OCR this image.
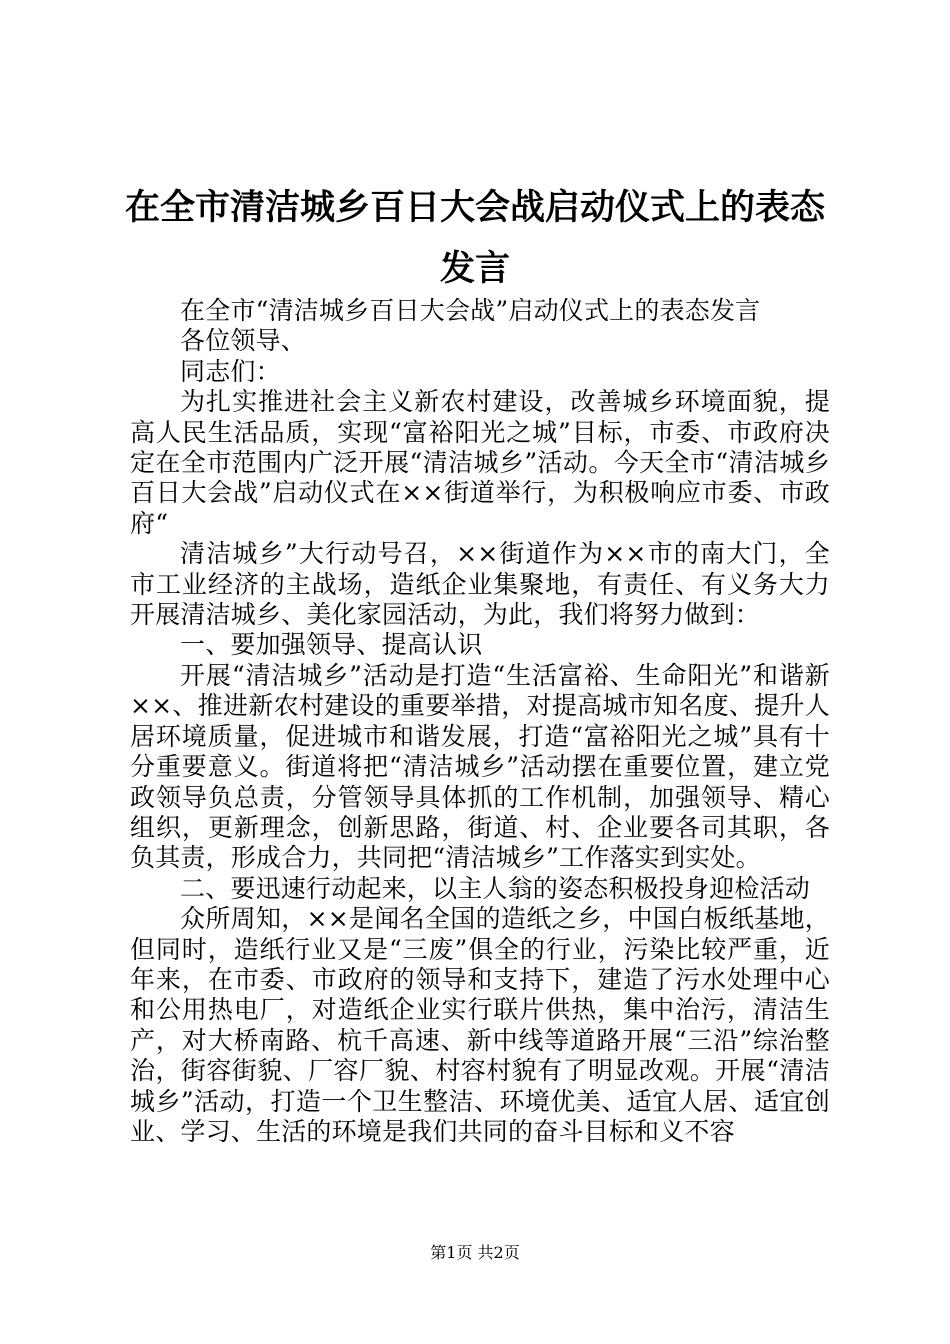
在全市清洁城乡百日大会战启动仪式上的表态
发言

在全市“清洁城乡百日大会战”启动仪式上的表态发言

各位领导、

同志们：

为扎实推进社会主义新农村建设，改善城乡环境面貌，提高人民生活品质，实现“富裕阳光之城”目标，市委、市政府决定在全市范围内广泛开展“清洁城乡”活动。今天全市“清洁城乡百日大会战”启动仪式在××街道举行，为积极响应市委、市政府“

清洁城乡”大行动号召，××街道作为××市的南大门，全市工业经济的主战场，造纸企业集聚地，有责任、有义务大力开展清洁城乡、美化家园活动，为此，我们将努力做到：

一、要加强领导、提高认识

开展“清洁城乡”活动是打造“生活富裕、生命阳光”和谐新××、推进新农村建设的重要举措，对提高城市知名度、提升人居环境质量，促进城市和谐发展，打造“富裕阳光之城”具有十分重要意义。街道将把“清洁城乡”活动摆在重要位置，建立党政领导负总责，分管领导具体抓的工作机制，加强领导、精心组织，更新理念，创新思路，街道、村、企业要各司其职，各负其责，形成合力，共同把“清洁城乡”工作落实到实处。

二、要迅速行动起来，以主人翁的姿态积极投身迎检活动

众所周知，××是闻名全国的造纸之乡，中国白板纸基地，但同时，造纸行业又是“三废”俱全的行业，污染比较严重，近年来，在市委、市政府的领导和支持下，建造了污水处理中心和公用热电厂，对造纸企业实行联片供热，集中治污，清洁生产，对大桥南路、杭千高速、新中线等道路开展“三沿”综治整治，街容街貌、厂容厂貌、村容村貌有了明显改观。开展“清洁城乡”活动，打造一个卫生整洁、环境优美、适宜人居、适宜创业、学习、生活的环境是我们共同的奋斗目标和义不容

第1页 共2页
